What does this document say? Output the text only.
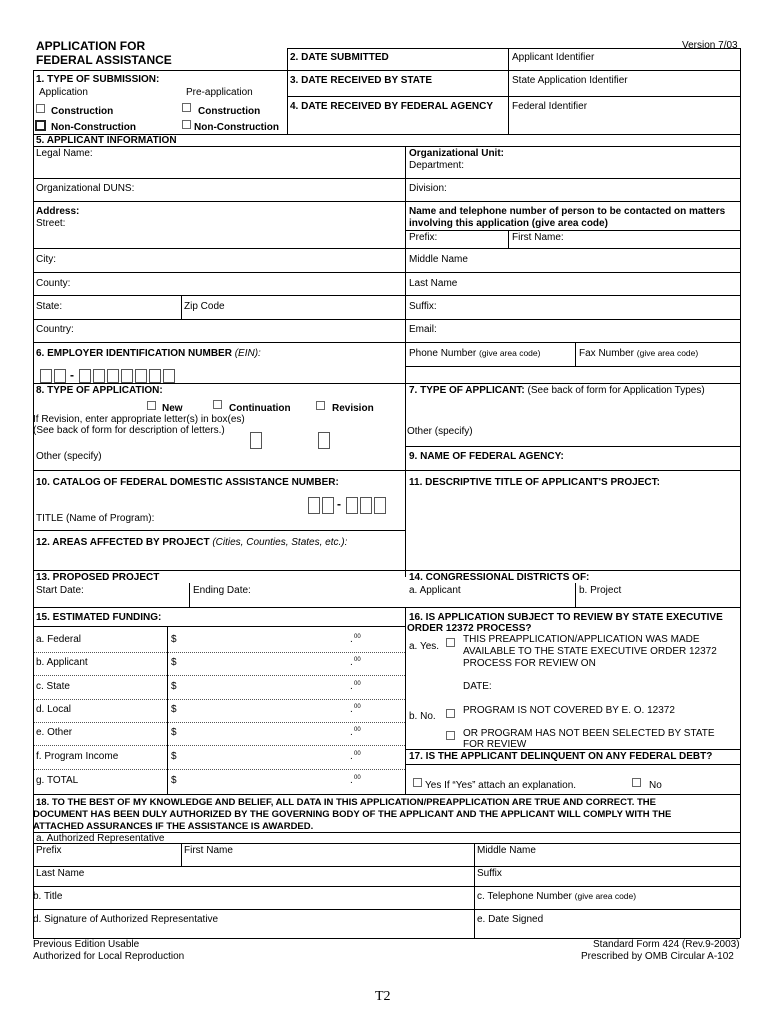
APPLICATION FOR
FEDERAL ASSISTANCE
Version 7/03
2. DATE SUBMITTED	Applicant Identifier
3. DATE RECEIVED BY STATE	State Application Identifier
4. DATE RECEIVED BY FEDERAL AGENCY Federal Identifier
1. TYPE OF SUBMISSION:
Application	Pre-application
Construction	Construction
Non-Construction	Non-Construction
5. APPLICANT INFORMATION
Legal Name:	Organizational Unit:
Department:
Organizational DUNS:	Division:
Address:
Street:
Name and telephone number of person to be contacted on matters
involving this application (give area code)
Prefix:	First Name:
City:	Middle Name
County:	Last Name
State:	Zip Code	Suffix:
Country:	Email:
6. EMPLOYER IDENTIFICATION NUMBER (EIN):	Phone Number (give area code)	Fax Number (give area code)
-
8. TYPE OF APPLICATION:
New	Continuation	Revision
If Revision, enter appropriate letter(s) in box(es)
(See back of form for description of letters.)
Other (specify)
7. TYPE OF APPLICANT: (See back of form for Application Types)
Other (specify)
9. NAME OF FEDERAL AGENCY:
10. CATALOG OF FEDERAL DOMESTIC ASSISTANCE NUMBER:
-
TITLE (Name of Program):
11. DESCRIPTIVE TITLE OF APPLICANT'S PROJECT:
12. AREAS AFFECTED BY PROJECT (Cities, Counties, States, etc.):
13. PROPOSED PROJECT
Start Date:	Ending Date:
14. CONGRESSIONAL DISTRICTS OF:
a. Applicant	b. Project
15. ESTIMATED FUNDING:
a. Federal	$	. 00
b. Applicant	$	. 00
c. State	$	. 00
d. Local	$	. 00
e. Other	$	. 00
f. Program Income	$	. 00
g. TOTAL	$	. 00
16. IS APPLICATION SUBJECT TO REVIEW BY STATE EXECUTIVE
ORDER 12372 PROCESS?
a. Yes.
THIS PREAPPLICATION/APPLICATION WAS MADE
AVAILABLE TO THE STATE EXECUTIVE ORDER 12372
PROCESS FOR REVIEW ON
DATE:
b. No.
PROGRAM IS NOT COVERED BY E. O. 12372
OR PROGRAM HAS NOT BEEN SELECTED BY STATE
FOR REVIEW
17. IS THE APPLICANT DELINQUENT ON ANY FEDERAL DEBT?
Yes If “Yes” attach an explanation.	No
18. TO THE BEST OF MY KNOWLEDGE AND BELIEF, ALL DATA IN THIS APPLICATION/PREAPPLICATION ARE TRUE AND CORRECT. THE
DOCUMENT HAS BEEN DULY AUTHORIZED BY THE GOVERNING BODY OF THE APPLICANT AND THE APPLICANT WILL COMPLY WITH THE
ATTACHED ASSURANCES IF THE ASSISTANCE IS AWARDED.
a. Authorized Representative
Prefix	First Name	Middle Name
Last Name	Suffix
b. Title	c. Telephone Number (give area code)
d. Signature of Authorized Representative	e. Date Signed
Previous Edition Usable
Authorized for Local Reproduction
Standard Form 424 (Rev.9-2003)
Prescribed by OMB Circular A-102
T2
